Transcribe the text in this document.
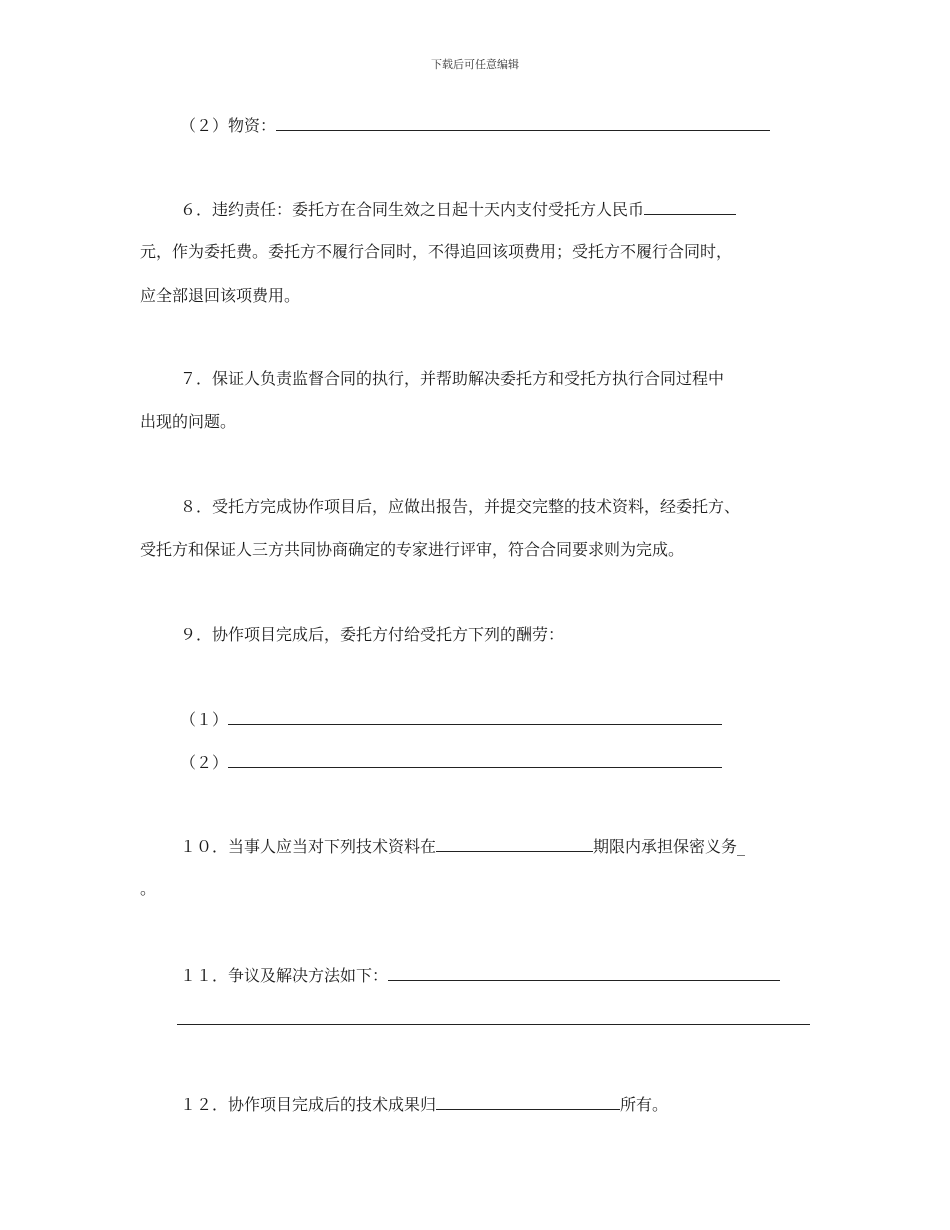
下载后可任意编辑
（２）物资：
６．违约责任：委托方在合同生效之日起十天内支付受托方人民币
元，作为委托费。委托方不履行合同时，不得追回该项费用；受托方不履行合同时，
应全部退回该项费用。
７．保证人负责监督合同的执行，并帮助解决委托方和受托方执行合同过程中
出现的问题。
８．受托方完成协作项目后，应做出报告，并提交完整的技术资料，经委托方、
受托方和保证人三方共同协商确定的专家进行评审，符合合同要求则为完成。
９．协作项目完成后，委托方付给受托方下列的酬劳：
（１）
（２）
１０．当事人应当对下列技术资料在	期限内承担保密义务_
。
１１．争议及解决方法如下：
１２．协作项目完成后的技术成果归	所有。
